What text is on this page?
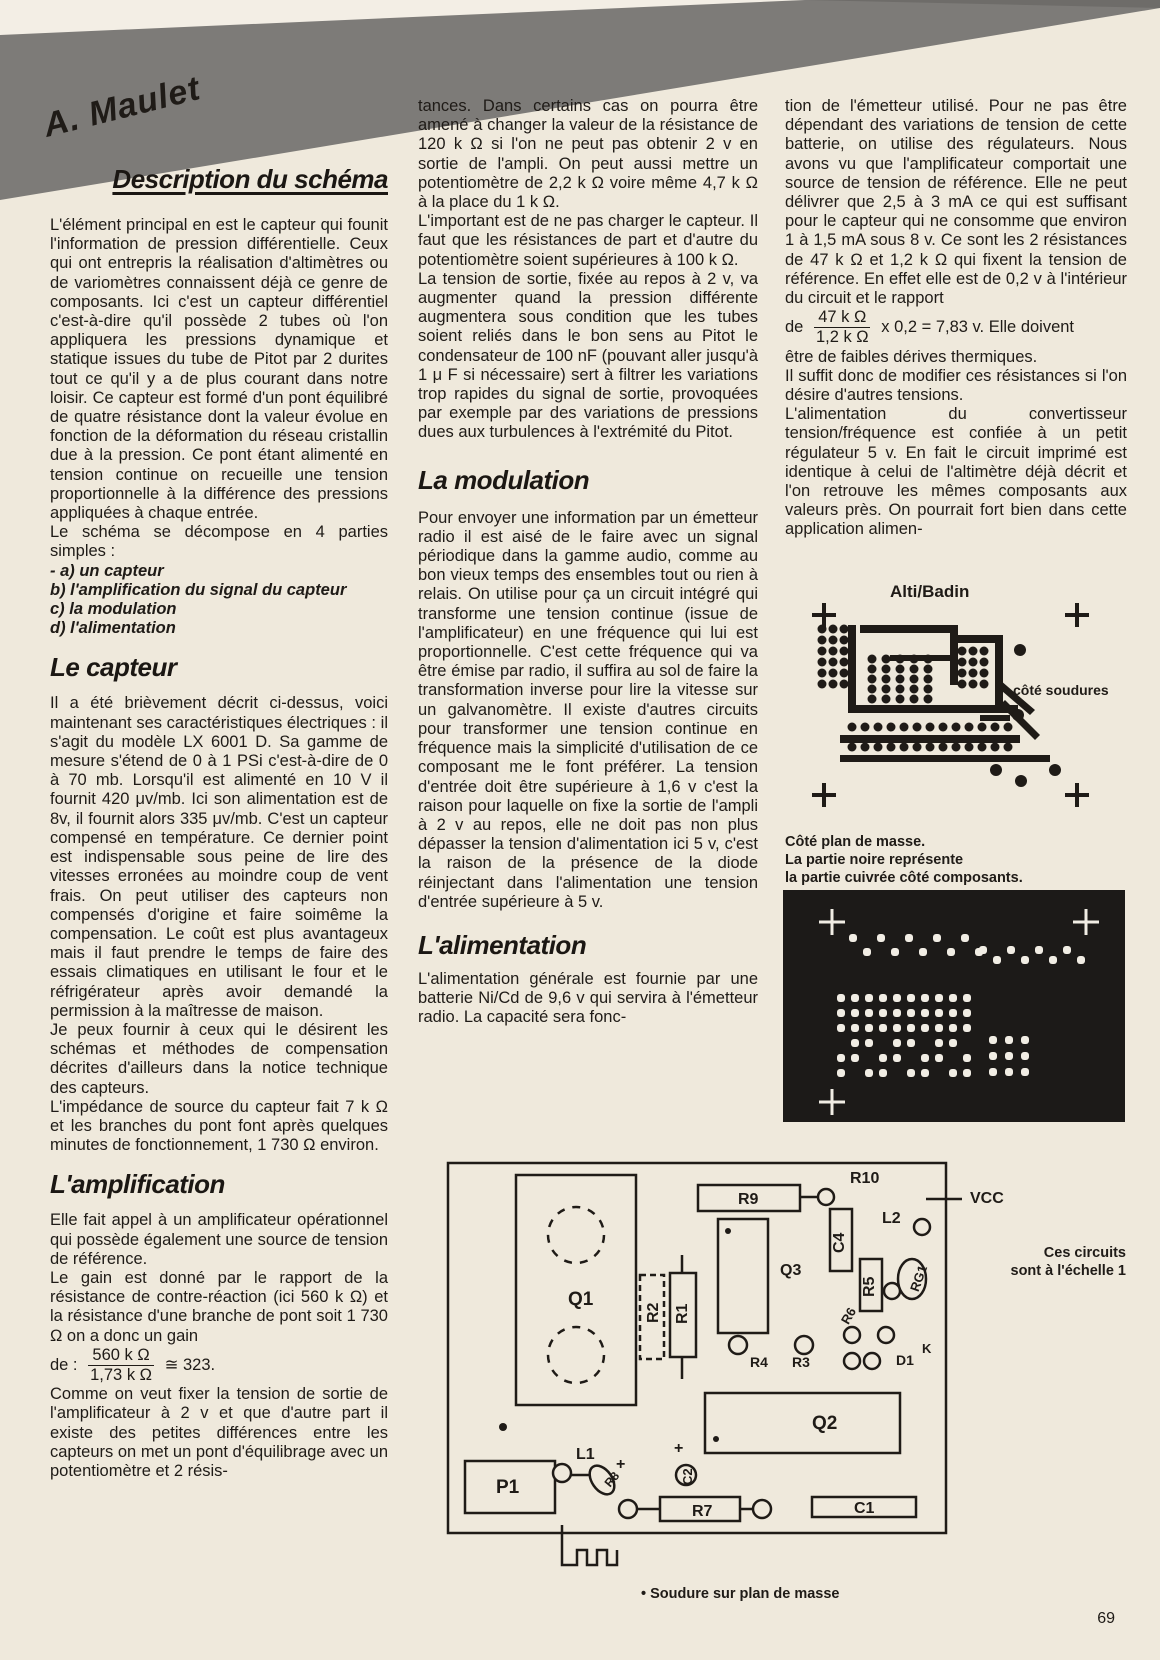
A. Maulet
Description du schéma

L'élément principal en est le capteur qui founit l'information de pression différentielle. Ceux qui ont entrepris la réalisation d'altimètres ou de variomètres connaissent déjà ce genre de composants. Ici c'est un capteur différentiel c'est-à-dire qu'il possède 2 tubes où l'on appliquera les pressions dynamique et statique issues du tube de Pitot par 2 durites tout ce qu'il y a de plus courant dans notre loisir. Ce capteur est formé d'un pont équilibré de quatre résistance dont la valeur évolue en fonction de la déformation du réseau cristallin due à la pression. Ce pont étant alimenté en tension continue on recueille une tension proportionnelle à la différence des pressions appliquées à chaque entrée.

Le schéma se décompose en 4 parties simples :

- a) un capteur

b) l'amplification du signal du capteur

c) la modulation

d) l'alimentation

Le capteur

Il a été brièvement décrit ci-dessus, voici maintenant ses caractéristiques électriques : il s'agit du modèle LX 6001 D. Sa gamme de mesure s'étend de 0 à 1 PSi c'est-à-dire de 0 à 70 mb. Lorsqu'il est alimenté en 10 V il fournit 420 μv/mb. Ici son alimentation est de 8v, il fournit alors 335 μv/mb. C'est un capteur compensé en température. Ce dernier point est indispensable sous peine de lire des vitesses erronées au moindre coup de vent frais. On peut utiliser des capteurs non compensés d'origine et faire soimême la compensation. Le coût est plus avantageux mais il faut prendre le temps de faire des essais climatiques en utilisant le four et le réfrigérateur après avoir demandé la permission à la maîtresse de maison.

Je peux fournir à ceux qui le désirent les schémas et méthodes de compensation décrites d'ailleurs dans la notice technique des capteurs.

L'impédance de source du capteur fait 7 k Ω et les branches du pont font après quelques minutes de fonctionnement, 1 730 Ω environ.

L'amplification

Elle fait appel à un amplificateur opérationnel qui possède également une source de tension de référence.

Le gain est donné par le rapport de la résistance de contre-réaction (ici 560 k Ω) et la résistance d'une branche de pont soit 1 730 Ω on a donc un gain

de : $\frac{\text{560 k Ω}}{\text{1,73 k Ω}}$ ≅ 323.

Comme on veut fixer la tension de sortie de l'amplificateur à 2 v et que d'autre part il existe des petites différences entre les capteurs on met un pont d'équilibrage avec un potentiomètre et 2 résis-

tances. Dans certains cas on pourra être amené à changer la valeur de la résistance de 120 k Ω si l'on ne peut pas obtenir 2 v en sortie de l'ampli. On peut aussi mettre un potentiomètre de 2,2 k Ω voire même 4,7 k Ω à la place du 1 k Ω.

L'important est de ne pas charger le capteur. Il faut que les résistances de part et d'autre du potentiomètre soient supérieures à 100 k Ω.

La tension de sortie, fixée au repos à 2 v, va augmenter quand la pression différente augmentera sous condition que les tubes soient reliés dans le bon sens au Pitot le condensateur de 100 nF (pouvant aller jusqu'à 1 μ F si nécessaire) sert à filtrer les variations trop rapides du signal de sortie, provoquées par exemple par des variations de pressions dues aux turbulences à l'extrémité du Pitot.

La modulation

Pour envoyer une information par un émetteur radio il est aisé de le faire avec un signal périodique dans la gamme audio, comme au bon vieux temps des ensembles tout ou rien à relais. On utilise pour ça un circuit intégré qui transforme une tension continue (issue de l'amplificateur) en une fréquence qui lui est proportionnelle. C'est cette fréquence qui va être émise par radio, il suffira au sol de faire la transformation inverse pour lire la vitesse sur un galvanomètre. Il existe d'autres circuits pour transformer une tension continue en fréquence mais la simplicité d'utilisation de ce composant me le font préférer. La tension d'entrée doit être supérieure à 1,6 v c'est la raison pour laquelle on fixe la sortie de l'ampli à 2 v au repos, elle ne doit pas non plus dépasser la tension d'alimentation ici 5 v, c'est la raison de la présence de la diode réinjectant dans l'alimentation une tension d'entrée supérieure à 5 v.

L'alimentation

L'alimentation générale est fournie par une batterie Ni/Cd de 9,6 v qui servira à l'émetteur radio. La capacité sera fonc-

tion de l'émetteur utilisé. Pour ne pas être dépendant des variations de tension de cette batterie, on utilise des régulateurs. Nous avons vu que l'amplificateur comportait une source de tension de référence. Elle ne peut délivrer que 2,5 à 3 mA ce qui est suffisant pour le capteur qui ne consomme que environ 1 à 1,5 mA sous 8 v. Ce sont les 2 résistances de 47 k Ω et 1,2 k Ω qui fixent la tension de référence. En effet elle est de 0,2 v à l'intérieur du circuit et le rapport

de $\frac{\text{47 k Ω}}{\text{1,2 k Ω}}$ x 0,2 = 7,83 v. Elle doivent

être de faibles dérives thermiques.

Il suffit donc de modifier ces résistances si l'on désire d'autres tensions.

L'alimentation du convertisseur tension/fréquence est confiée à un petit régulateur 5 v. En fait le circuit imprimé est identique à celui de l'altimètre déjà décrit et l'on retrouve les mêmes composants aux valeurs près. On pourrait fort bien dans cette application alimen-

Alti/Badin
côté soudures
Côté plan de masse.
La partie noire représente
la partie cuivrée côté composants.
R9
R10
VCC
L2
Q3
C4
R5 RG1
Q1
R2 R1	R6
R4 R3	D1
K
Q2
C2
L1
R8
P1
R7	C1
+
+
Ces circuits
sont à l'échelle 1
• Soudure sur plan de masse
69
